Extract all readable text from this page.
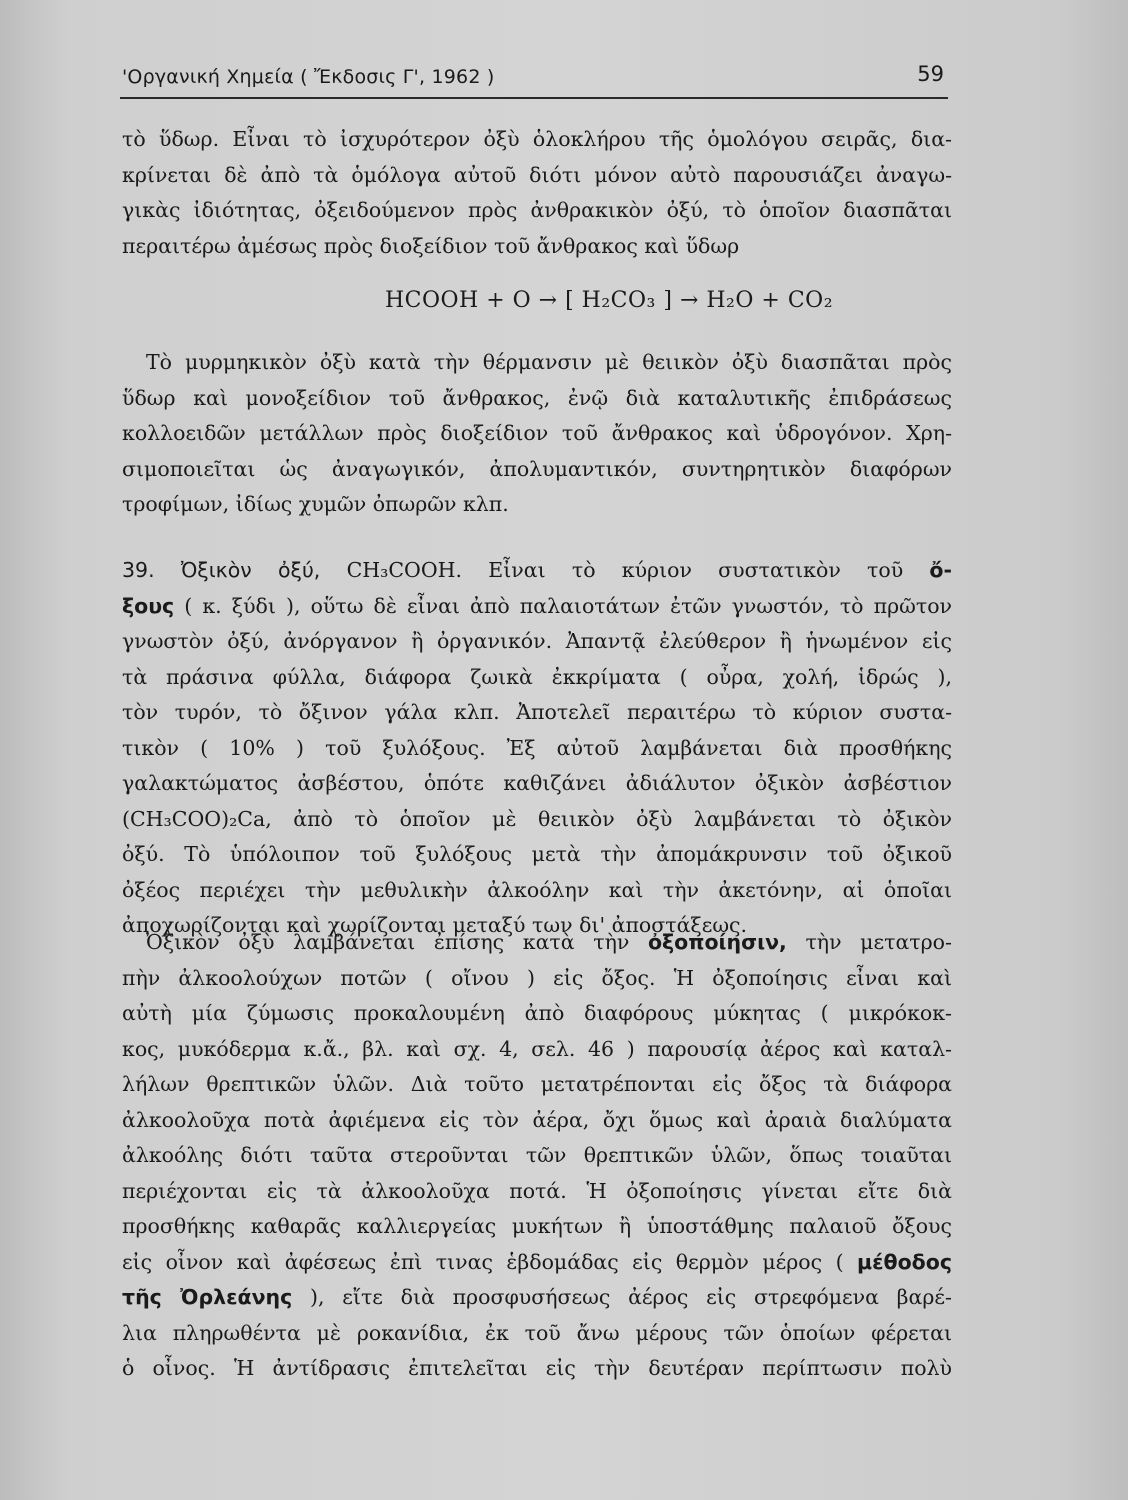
'Οργανική Χημεία ( Ἔκδοσις Γ', 1962 )	59
τὸ ὕδωρ. Εἶναι τὸ ἰσχυρότερον ὀξὺ ὁλοκλήρου τῆς ὁμολόγου σειρᾶς, δια-
κρίνεται δὲ ἀπὸ τὰ ὁμόλογα αὐτοῦ διότι μόνον αὐτὸ παρουσιάζει ἀναγω-
γικὰς ἰδιότητας, ὀξειδούμενον πρὸς ἀνθρακικὸν ὀξύ, τὸ ὁποῖον διασπᾶται
περαιτέρω ἀμέσως πρὸς διοξείδιον τοῦ ἄνθρακος καὶ ὕδωρ
HCOOH + O → [ H₂CO₃ ] → H₂O + CO₂
Τὸ μυρμηκικὸν ὀξὺ κατὰ τὴν θέρμανσιν μὲ θειικὸν ὀξὺ διασπᾶται πρὸς
ὕδωρ καὶ μονοξείδιον τοῦ ἄνθρακος, ἐνῷ διὰ καταλυτικῆς ἐπιδράσεως
κολλοειδῶν μετάλλων πρὸς διοξείδιον τοῦ ἄνθρακος καὶ ὑδρογόνον. Χρη-
σιμοποιεῖται ὡς ἀναγωγικόν, ἀπολυμαντικόν, συντηρητικὸν διαφόρων
τροφίμων, ἰδίως χυμῶν ὀπωρῶν κλπ.
39. Ὀξικὸν ὀξύ, CH₃COOH. Εἶναι τὸ κύριον συστατικὸν τοῦ ὄ-
ξους ( κ. ξύδι ), οὕτω δὲ εἶναι ἀπὸ παλαιοτάτων ἐτῶν γνωστόν, τὸ πρῶτον
γνωστὸν ὀξύ, ἀνόργανον ἢ ὀργανικόν. Ἀπαντᾷ ἐλεύθερον ἢ ἡνωμένον εἰς
τὰ πράσινα φύλλα, διάφορα ζωικὰ ἐκκρίματα ( οὖρα, χολή, ἱδρώς ),
τὸν τυρόν, τὸ ὄξινον γάλα κλπ. Ἀποτελεῖ περαιτέρω τὸ κύριον συστα-
τικὸν ( 10% ) τοῦ ξυλόξους. Ἐξ αὐτοῦ λαμβάνεται διὰ προσθήκης
γαλακτώματος ἀσβέστου, ὁπότε καθιζάνει ἀδιάλυτον ὀξικὸν ἀσβέστιον
(CH₃COO)₂Ca, ἀπὸ τὸ ὁποῖον μὲ θειικὸν ὀξὺ λαμβάνεται τὸ ὀξικὸν
ὀξύ. Τὸ ὑπόλοιπον τοῦ ξυλόξους μετὰ τὴν ἀπομάκρυνσιν τοῦ ὀξικοῦ
ὀξέος περιέχει τὴν μεθυλικὴν ἀλκοόλην καὶ τὴν ἀκετόνην, αἱ ὁποῖαι
ἀποχωρίζονται καὶ χωρίζονται μεταξύ των δι' ἀποστάξεως.
Ὀξικὸν ὀξὺ λαμβάνεται ἐπίσης κατὰ τὴν ὀξοποίησιν, τὴν μετατρο-
πὴν ἀλκοολούχων ποτῶν ( οἴνου ) εἰς ὄξος. Ἡ ὀξοποίησις εἶναι καὶ
αὐτὴ μία ζύμωσις προκαλουμένη ἀπὸ διαφόρους μύκητας ( μικρόκοκ-
κος, μυκόδερμα κ.ἄ., βλ. καὶ σχ. 4, σελ. 46 ) παρουσίᾳ ἀέρος καὶ καταλ-
λήλων θρεπτικῶν ὑλῶν. Διὰ τοῦτο μετατρέπονται εἰς ὄξος τὰ διάφορα
ἀλκοολοῦχα ποτὰ ἀφιέμενα εἰς τὸν ἀέρα, ὄχι ὅμως καὶ ἀραιὰ διαλύματα
ἀλκοόλης διότι ταῦτα στεροῦνται τῶν θρεπτικῶν ὑλῶν, ὅπως τοιαῦται
περιέχονται εἰς τὰ ἀλκοολοῦχα ποτά. Ἡ ὀξοποίησις γίνεται εἴτε διὰ
προσθήκης καθαρᾶς καλλιεργείας μυκήτων ἢ ὑποστάθμης παλαιοῦ ὄξους
εἰς οἶνον καὶ ἀφέσεως ἐπὶ τινας ἑβδομάδας εἰς θερμὸν μέρος ( μέθοδος
τῆς Ὀρλεάνης ), εἴτε διὰ προσφυσήσεως ἀέρος εἰς στρεφόμενα βαρέ-
λια πληρωθέντα μὲ ροκανίδια, ἐκ τοῦ ἄνω μέρους τῶν ὁποίων φέρεται
ὁ οἶνος. Ἡ ἀντίδρασις ἐπιτελεῖται εἰς τὴν δευτέραν περίπτωσιν πολὺ
